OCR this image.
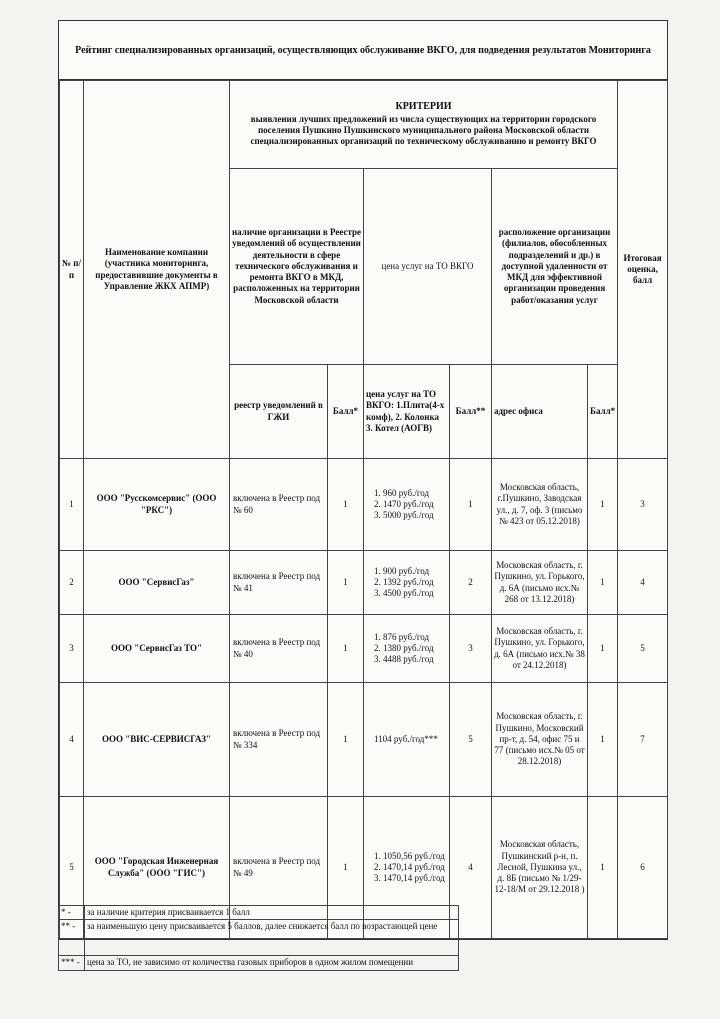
Рейтинг специализированных организаций, осуществляющих обслуживание ВКГО, для подведения результатов Мониторинга
№ п/п	Наименование компании (участника мониторинга, предоставившие документы в Управление ЖКХ АПМР)	КРИТЕРИИ
выявления лучших предложений из числа существующих на территории городского поселения Пушкино Пушкинского муниципального района Московской области специализированных организаций по техническому обслуживанию и ремонту ВКГО						Итоговая оценка, балл
		наличие организации в Реестре уведомлений об осуществлении деятельности в сфере технического обслуживания и ремонта ВКГО в МКД, расположенных на территории Московской области		цена услуг на ТО ВКГО		расположение организации (филиалов, обособленных подразделений и др.) в доступной удаленности от МКД для эффективной организации проведения работ/оказания услуг		
		реестр уведомлений в ГЖИ	Балл*	цена услуг на ТО ВКГО: 1.Плита(4-х комф), 2. Колонка 3. Котел (АОГВ)	Балл**	адрес офиса	Балл*	
1	ООО "Русскомсервис" (ООО "РКС")	включена в Реестр под № 60	1	1. 960 руб./год
2. 1470 руб./год
3. 5000 руб./год	1	Московская область, г.Пушкино, Заводская ул., д. 7, оф. 3 (письмо № 423 от 05.12.2018)	1	3
2	ООО "СервисГаз"	включена в Реестр под № 41	1	1. 900 руб./год
2. 1392 руб./год
3. 4500 руб./год	2	Московская область, г. Пушкино, ул. Горького, д. 6А (письмо исх.№ 268 от 13.12.2018)	1	4
3	ООО "СервисГаз ТО"	включена в Реестр под № 40	1	1. 876 руб./год
2. 1380 руб./год
3. 4488 руб./год	3	Московская область, г. Пушкино, ул. Горького, д. 6А (письмо исх.№ 38 от 24.12.2018)	1	5
4	ООО "ВИС-СЕРВИСГАЗ"	включена в Реестр под № 334	1	1104 руб./год***	5	Московская область, г. Пушкино, Московский пр-т, д. 54, офис 75 и 77 (письмо исх.№ 05 от 28.12.2018)	1	7
5	ООО "Городская Инженерная Служба" (ООО "ГИС")	включена в Реестр под № 49	1	1. 1050,56 руб./год
2. 1470,14 руб./год
3. 1470,14 руб./год	4	Московская область, Пушкинский р-н, п. Лесной, Пушкина ул., д. 8Б (письмо № 1/29-12-18/М от 29.12.2018 )	1	6
* -	за наличие критерия присваивается 1 балл
** -	за наименьшую цену присваивается 5 баллов, далее снижается балл по возрастающей цене
*** -	цена за ТО, не зависимо от количества газовых приборов в одном жилом помещении
